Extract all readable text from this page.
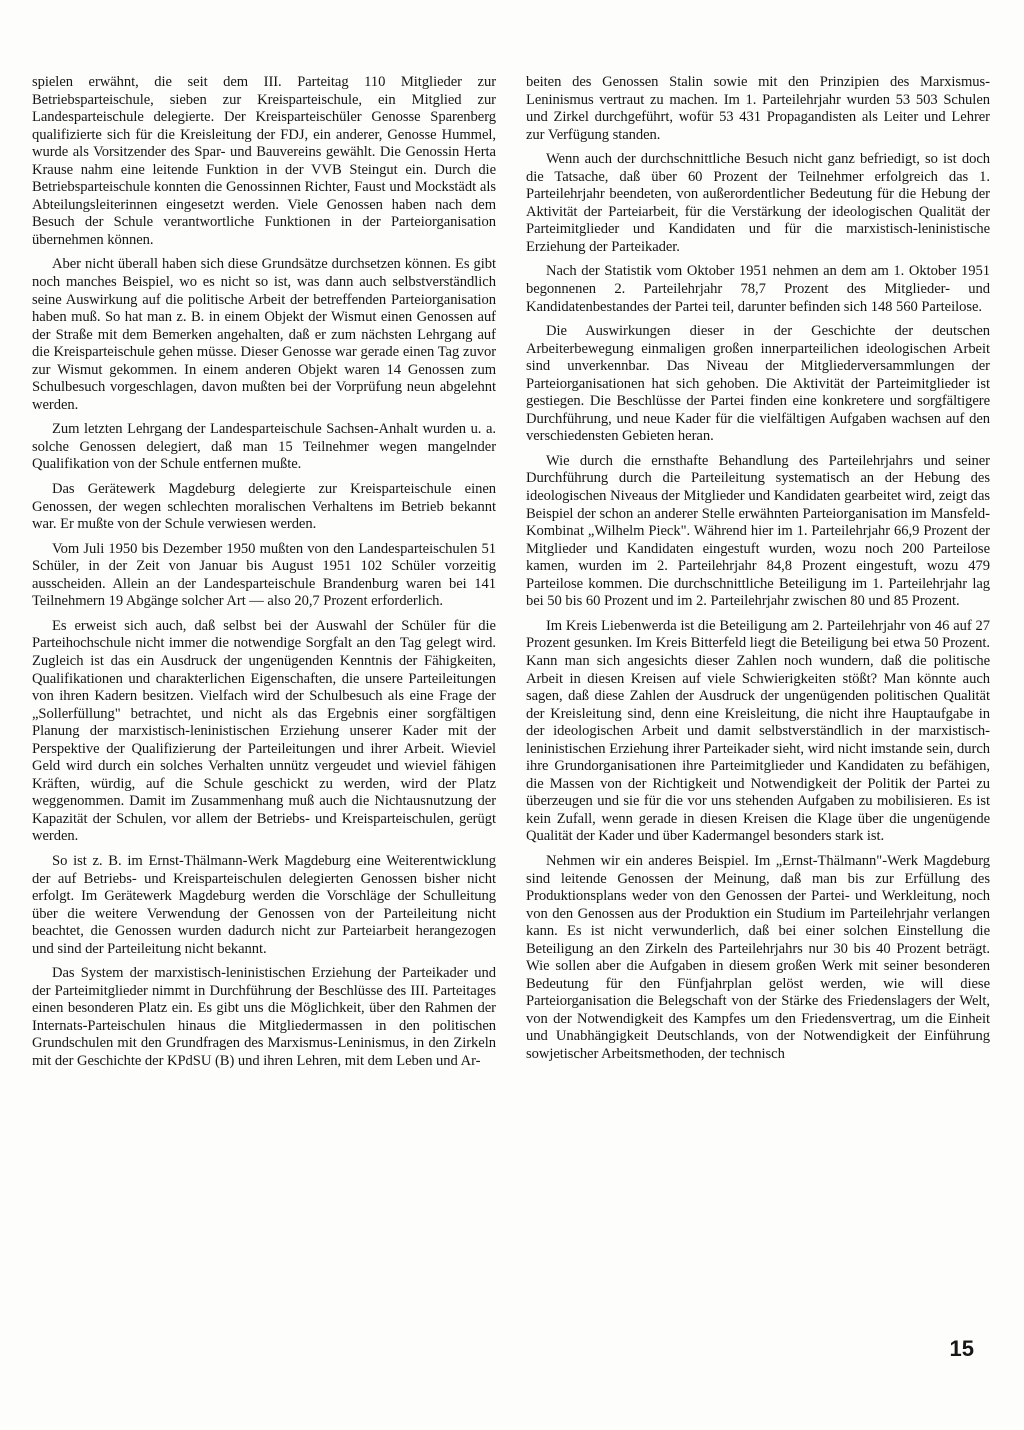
spielen erwähnt, die seit dem III. Parteitag 110 Mitglieder zur Betriebsparteischule, sieben zur Kreisparteischule, ein Mitglied zur Landesparteischule delegierte. Der Kreisparteischüler Genosse Sparenberg qualifizierte sich für die Kreisleitung der FDJ, ein anderer, Genosse Hummel, wurde als Vorsitzender des Spar- und Bauvereins gewählt. Die Genossin Herta Krause nahm eine leitende Funktion in der VVB Steingut ein. Durch die Betriebsparteischule konnten die Genossinnen Richter, Faust und Mockstädt als Abteilungsleiterinnen eingesetzt werden. Viele Genossen haben nach dem Besuch der Schule verantwortliche Funktionen in der Parteiorganisation übernehmen können.

Aber nicht überall haben sich diese Grundsätze durchsetzen können. Es gibt noch manches Beispiel, wo es nicht so ist, was dann auch selbstverständlich seine Auswirkung auf die politische Arbeit der betreffenden Parteiorganisation haben muß. So hat man z. B. in einem Objekt der Wismut einen Genossen auf der Straße mit dem Bemerken angehalten, daß er zum nächsten Lehrgang auf die Kreisparteischule gehen müsse. Dieser Genosse war gerade einen Tag zuvor zur Wismut gekommen. In einem anderen Objekt waren 14 Genossen zum Schulbesuch vorgeschlagen, davon mußten bei der Vorprüfung neun abgelehnt werden.

Zum letzten Lehrgang der Landesparteischule Sachsen-Anhalt wurden u. a. solche Genossen delegiert, daß man 15 Teilnehmer wegen mangelnder Qualifikation von der Schule entfernen mußte.

Das Gerätewerk Magdeburg delegierte zur Kreisparteischule einen Genossen, der wegen schlechten moralischen Verhaltens im Betrieb bekannt war. Er mußte von der Schule verwiesen werden.

Vom Juli 1950 bis Dezember 1950 mußten von den Landesparteischulen 51 Schüler, in der Zeit von Januar bis August 1951 102 Schüler vorzeitig ausscheiden. Allein an der Landesparteischule Brandenburg waren bei 141 Teilnehmern 19 Abgänge solcher Art — also 20,7 Prozent erforderlich.

Es erweist sich auch, daß selbst bei der Auswahl der Schüler für die Parteihochschule nicht immer die notwendige Sorgfalt an den Tag gelegt wird. Zugleich ist das ein Ausdruck der ungenügenden Kenntnis der Fähigkeiten, Qualifikationen und charakterlichen Eigenschaften, die unsere Parteileitungen von ihren Kadern besitzen. Vielfach wird der Schulbesuch als eine Frage der „Sollerfüllung" betrachtet, und nicht als das Ergebnis einer sorgfältigen Planung der marxistisch-leninistischen Erziehung unserer Kader mit der Perspektive der Qualifizierung der Parteileitungen und ihrer Arbeit. Wieviel Geld wird durch ein solches Verhalten unnütz vergeudet und wieviel fähigen Kräften, würdig, auf die Schule geschickt zu werden, wird der Platz weggenommen. Damit im Zusammenhang muß auch die Nichtausnutzung der Kapazität der Schulen, vor allem der Betriebs- und Kreisparteischulen, gerügt werden.

So ist z. B. im Ernst-Thälmann-Werk Magdeburg eine Weiterentwicklung der auf Betriebs- und Kreisparteischulen delegierten Genossen bisher nicht erfolgt. Im Gerätewerk Magdeburg werden die Vorschläge der Schulleitung über die weitere Verwendung der Genossen von der Parteileitung nicht beachtet, die Genossen wurden dadurch nicht zur Parteiarbeit herangezogen und sind der Parteileitung nicht bekannt.

Das System der marxistisch-leninistischen Erziehung der Parteikader und der Parteimitglieder nimmt in Durchführung der Beschlüsse des III. Parteitages einen besonderen Platz ein. Es gibt uns die Möglichkeit, über den Rahmen der Internats-Parteischulen hinaus die Mitgliedermassen in den politischen Grundschulen mit den Grundfragen des Marxismus-Leninismus, in den Zirkeln mit der Geschichte der KPdSU (B) und ihren Lehren, mit dem Leben und Ar-

beiten des Genossen Stalin sowie mit den Prinzipien des Marxismus-Leninismus vertraut zu machen. Im 1. Parteilehrjahr wurden 53 503 Schulen und Zirkel durchgeführt, wofür 53 431 Propagandisten als Leiter und Lehrer zur Verfügung standen.

Wenn auch der durchschnittliche Besuch nicht ganz befriedigt, so ist doch die Tatsache, daß über 60 Prozent der Teilnehmer erfolgreich das 1. Parteilehrjahr beendeten, von außerordentlicher Bedeutung für die Hebung der Aktivität der Parteiarbeit, für die Verstärkung der ideologischen Qualität der Parteimitglieder und Kandidaten und für die marxistisch-leninistische Erziehung der Parteikader.

Nach der Statistik vom Oktober 1951 nehmen an dem am 1. Oktober 1951 begonnenen 2. Parteilehrjahr 78,7 Prozent des Mitglieder- und Kandidatenbestandes der Partei teil, darunter befinden sich 148 560 Parteilose.

Die Auswirkungen dieser in der Geschichte der deutschen Arbeiterbewegung einmaligen großen innerparteilichen ideologischen Arbeit sind unverkennbar. Das Niveau der Mitgliederversammlungen der Parteiorganisationen hat sich gehoben. Die Aktivität der Parteimitglieder ist gestiegen. Die Beschlüsse der Partei finden eine konkretere und sorgfältigere Durchführung, und neue Kader für die vielfältigen Aufgaben wachsen auf den verschiedensten Gebieten heran.

Wie durch die ernsthafte Behandlung des Parteilehrjahrs und seiner Durchführung durch die Parteileitung systematisch an der Hebung des ideologischen Niveaus der Mitglieder und Kandidaten gearbeitet wird, zeigt das Beispiel der schon an anderer Stelle erwähnten Parteiorganisation im Mansfeld-Kombinat „Wilhelm Pieck". Während hier im 1. Parteilehrjahr 66,9 Prozent der Mitglieder und Kandidaten eingestuft wurden, wozu noch 200 Parteilose kamen, wurden im 2. Parteilehrjahr 84,8 Prozent eingestuft, wozu 479 Parteilose kommen. Die durchschnittliche Beteiligung im 1. Parteilehrjahr lag bei 50 bis 60 Prozent und im 2. Parteilehrjahr zwischen 80 und 85 Prozent.

Im Kreis Liebenwerda ist die Beteiligung am 2. Parteilehrjahr von 46 auf 27 Prozent gesunken. Im Kreis Bitterfeld liegt die Beteiligung bei etwa 50 Prozent. Kann man sich angesichts dieser Zahlen noch wundern, daß die politische Arbeit in diesen Kreisen auf viele Schwierigkeiten stößt? Man könnte auch sagen, daß diese Zahlen der Ausdruck der ungenügenden politischen Qualität der Kreisleitung sind, denn eine Kreisleitung, die nicht ihre Hauptaufgabe in der ideologischen Arbeit und damit selbstverständlich in der marxistisch-leninistischen Erziehung ihrer Parteikader sieht, wird nicht imstande sein, durch ihre Grundorganisationen ihre Parteimitglieder und Kandidaten zu befähigen, die Massen von der Richtigkeit und Notwendigkeit der Politik der Partei zu überzeugen und sie für die vor uns stehenden Aufgaben zu mobilisieren. Es ist kein Zufall, wenn gerade in diesen Kreisen die Klage über die ungenügende Qualität der Kader und über Kadermangel besonders stark ist.

Nehmen wir ein anderes Beispiel. Im „Ernst-Thälmann"-Werk Magdeburg sind leitende Genossen der Meinung, daß man bis zur Erfüllung des Produktionsplans weder von den Genossen der Partei- und Werkleitung, noch von den Genossen aus der Produktion ein Studium im Parteilehrjahr verlangen kann. Es ist nicht verwunderlich, daß bei einer solchen Einstellung die Beteiligung an den Zirkeln des Parteilehrjahrs nur 30 bis 40 Prozent beträgt. Wie sollen aber die Aufgaben in diesem großen Werk mit seiner besonderen Bedeutung für den Fünfjahrplan gelöst werden, wie will diese Parteiorganisation die Belegschaft von der Stärke des Friedenslagers der Welt, von der Notwendigkeit des Kampfes um den Friedensvertrag, um die Einheit und Unabhängigkeit Deutschlands, von der Notwendigkeit der Einführung sowjetischer Arbeitsmethoden, der technisch

15
